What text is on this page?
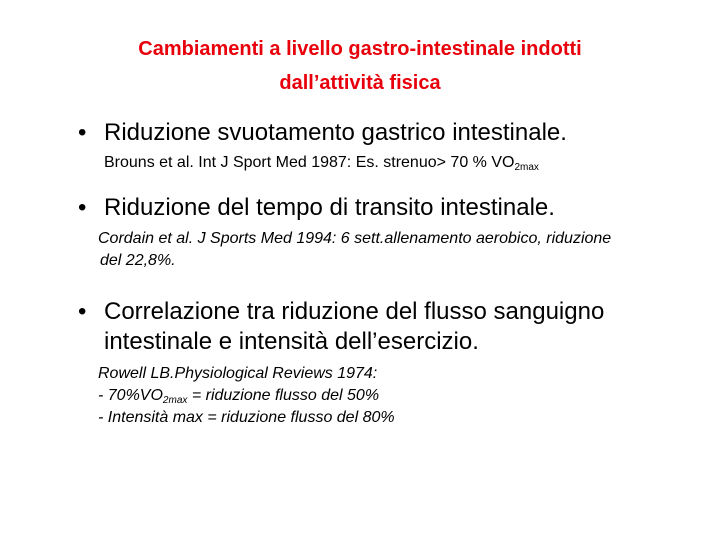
Cambiamenti a livello gastro-intestinale indotti
dall’attività fisica
• Riduzione svuotamento gastrico intestinale.
Brouns et al. Int J Sport Med 1987: Es. strenuo> 70 % $VO_{2max}$
• Riduzione del tempo di transito intestinale.
Cordain et al. J Sports Med 1994: 6 sett.allenamento aerobico, riduzione
del 22,8%.
• Correlazione tra riduzione del flusso sanguigno
intestinale e intensità dell’esercizio.
Rowell LB.Physiological Reviews 1974:
- $70\%VO_{2max}$ = riduzione flusso del 50%
- Intensità max = riduzione flusso del 80%
